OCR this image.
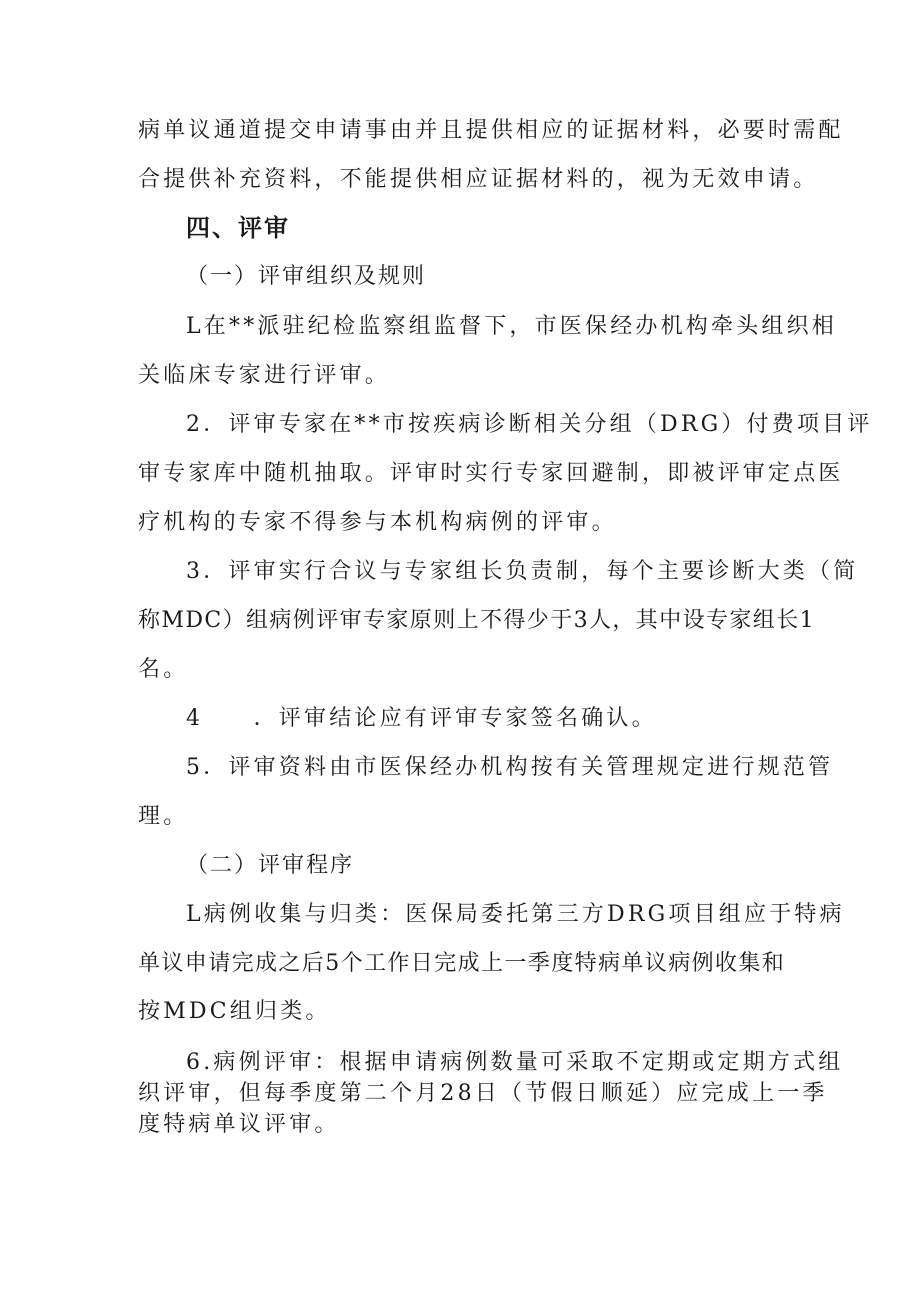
病单议通道提交申请事由并且提供相应的证据材料，必要时需配
合提供补充资料，不能提供相应证据材料的，视为无效申请。
四、评审
（一）评审组织及规则
L在**派驻纪检监察组监督下，市医保经办机构牵头组织相
关临床专家进行评审。
2．评审专家在**市按疾病诊断相关分组（DRG）付费项目评
审专家库中随机抽取。评审时实行专家回避制，即被评审定点医
疗机构的专家不得参与本机构病例的评审。
3．评审实行合议与专家组长负责制，每个主要诊断大类（简
称MDC）组病例评审专家原则上不得少于3人，其中设专家组长1
名。
4　　．评审结论应有评审专家签名确认。
5．评审资料由市医保经办机构按有关管理规定进行规范管
理。
（二）评审程序
L病例收集与归类：医保局委托第三方DRG项目组应于特病
单议申请完成之后5个工作日完成上一季度特病单议病例收集和
按MDC组归类。
6.病例评审：根据申请病例数量可采取不定期或定期方式组
织评审，但每季度第二个月28日（节假日顺延）应完成上一季
度特病单议评审。
